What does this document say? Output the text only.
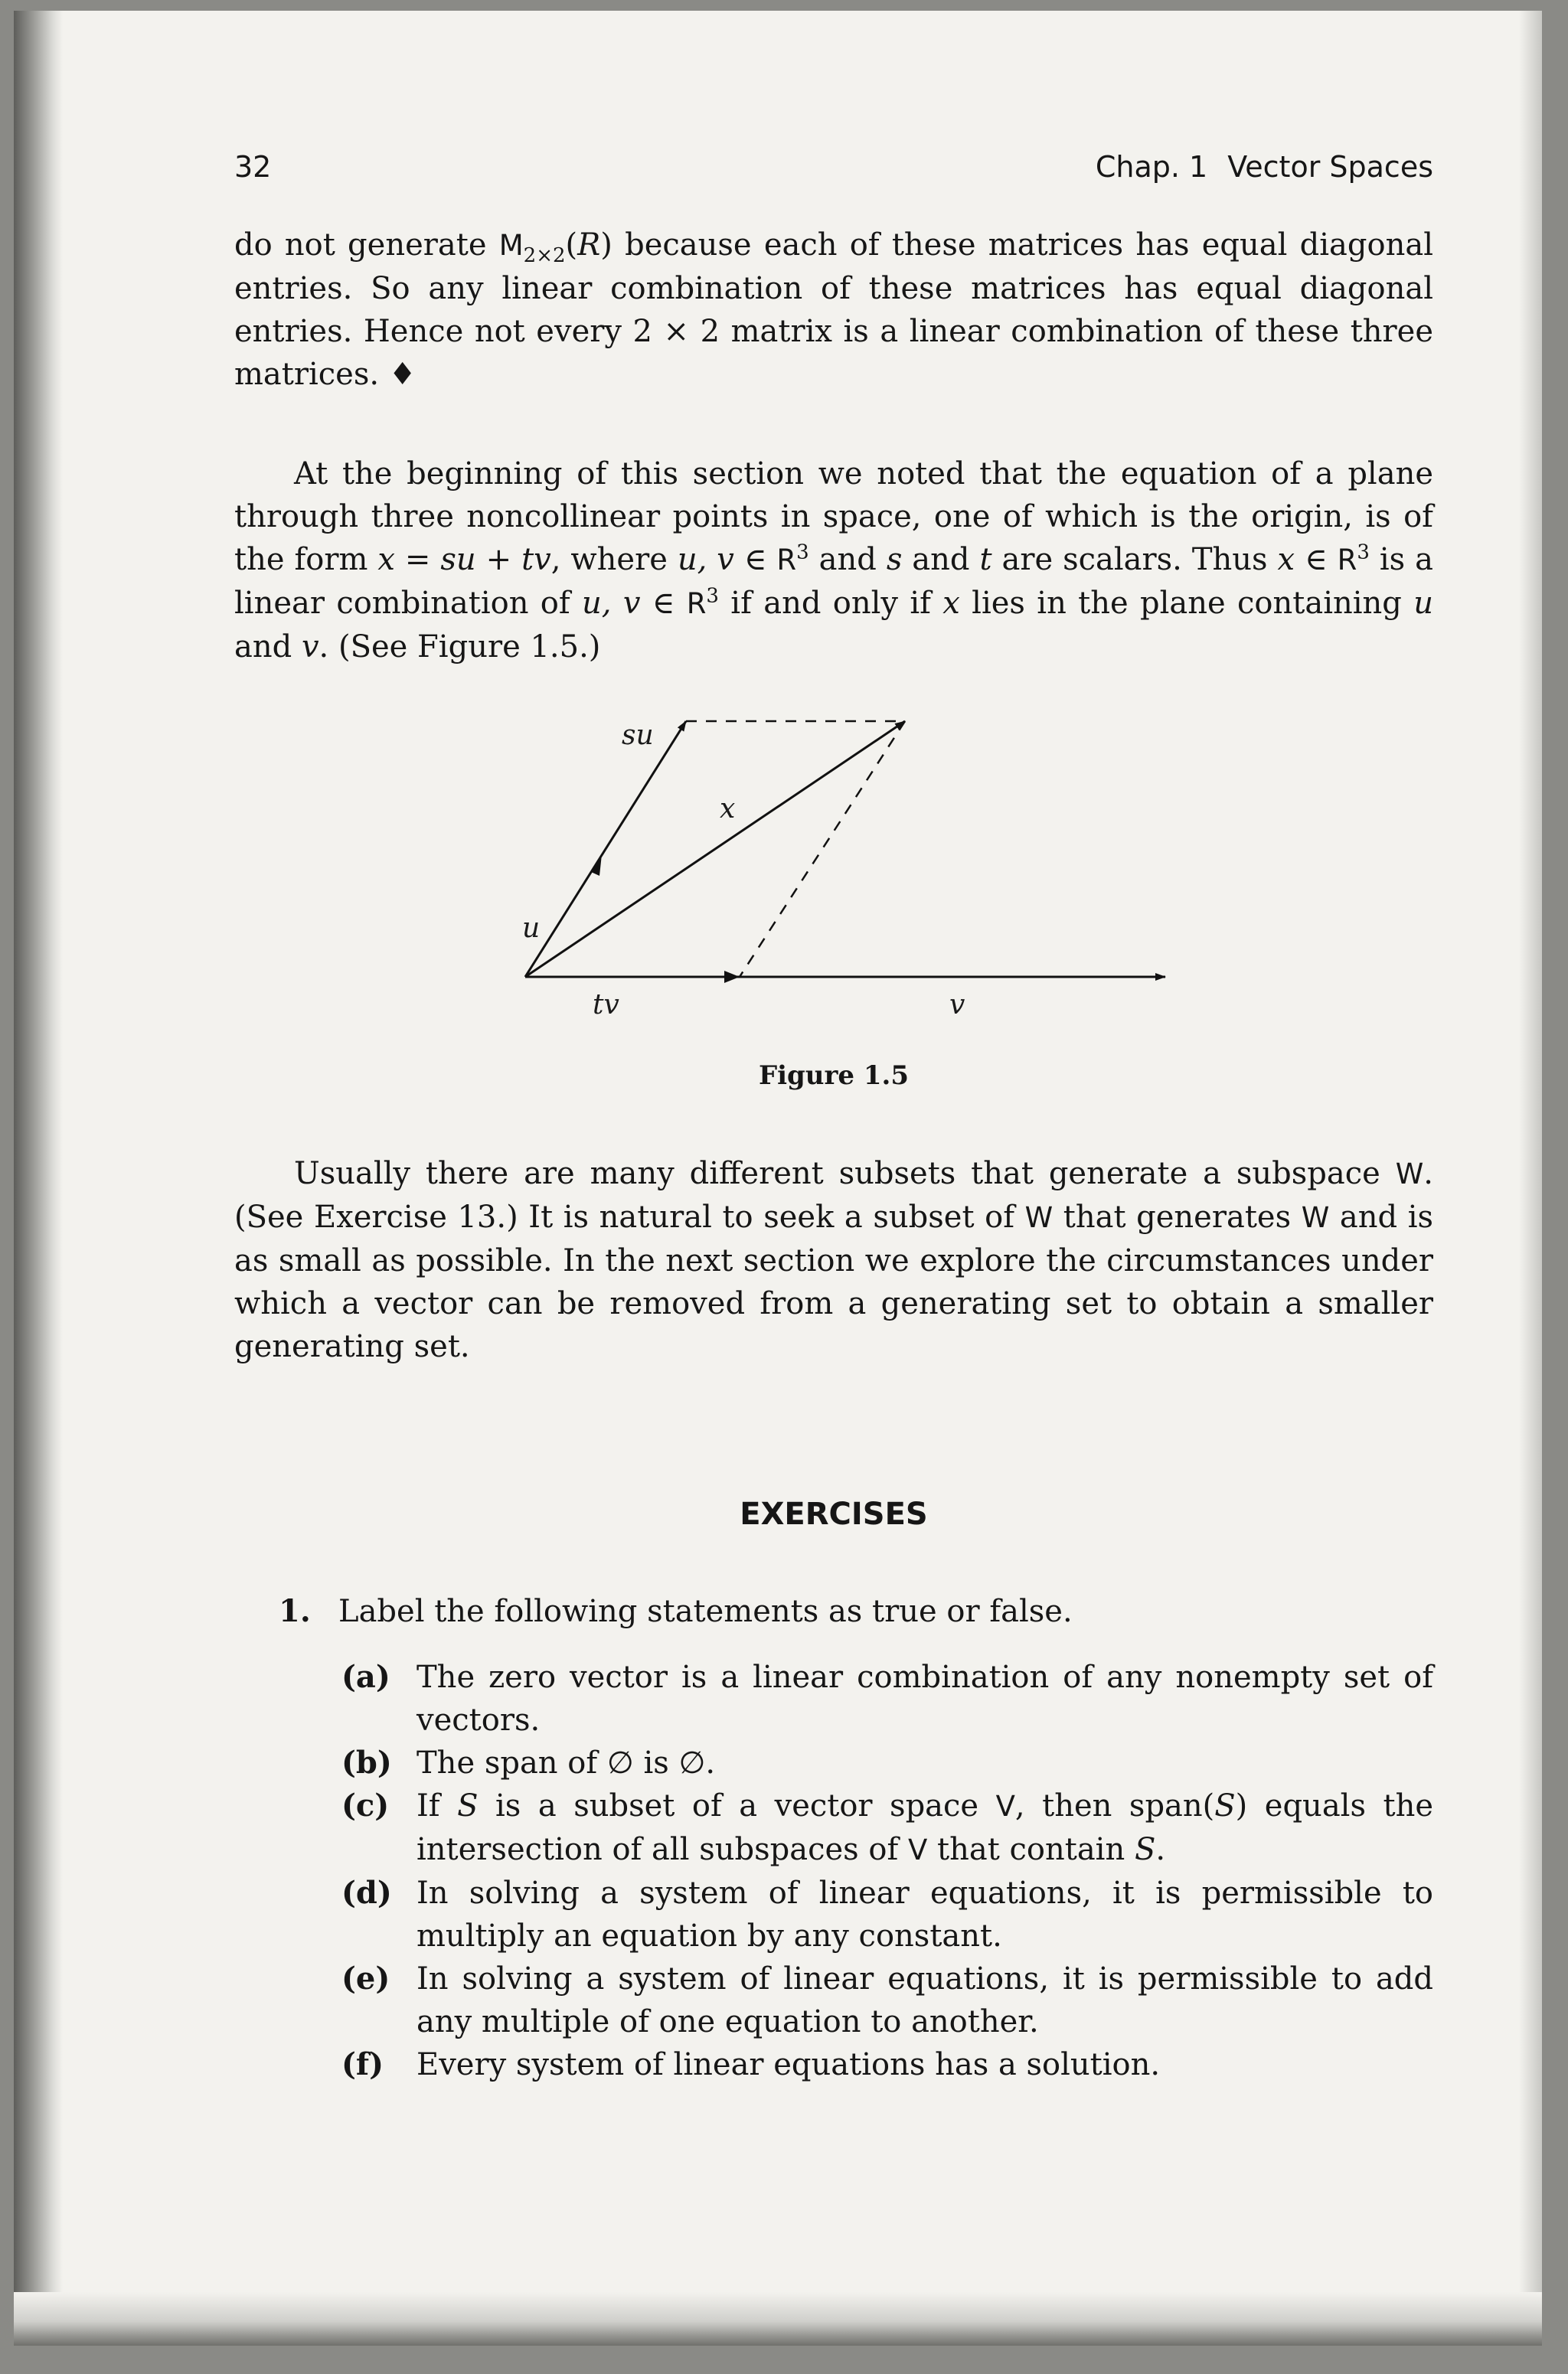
32	Chap. 1 Vector Spaces

do not generate $M_{2\times 2}(R)$ because each of these matrices has equal diagonal entries. So any linear combination of these matrices has equal diagonal entries. Hence not every 2 × 2 matrix is a linear combination of these three matrices. ♦

At the beginning of this section we noted that the equation of a plane through three noncollinear points in space, one of which is the origin, is of the form x = su + tv, where u, v ∈ $R^3$ and s and t are scalars. Thus x ∈ $R^3$ is a linear combination of u, v ∈ $R^3$ if and only if x lies in the plane containing u and v. (See Figure 1.5.)

su
x
u
tv	v
Figure 1.5

Usually there are many different subsets that generate a subspace W. (See Exercise 13.) It is natural to seek a subset of W that generates W and is as small as possible. In the next section we explore the circumstances under which a vector can be removed from a generating set to obtain a smaller generating set.

EXERCISES
1. Label the following statements as true or false.
(a) The zero vector is a linear combination of any nonempty set of vectors.
(b) The span of ∅ is ∅.
(c) If S is a subset of a vector space V, then span(S) equals the intersection of all subspaces of V that contain S.
(d) In solving a system of linear equations, it is permissible to multiply an equation by any constant.
(e) In solving a system of linear equations, it is permissible to add any multiple of one equation to another.
(f) Every system of linear equations has a solution.
